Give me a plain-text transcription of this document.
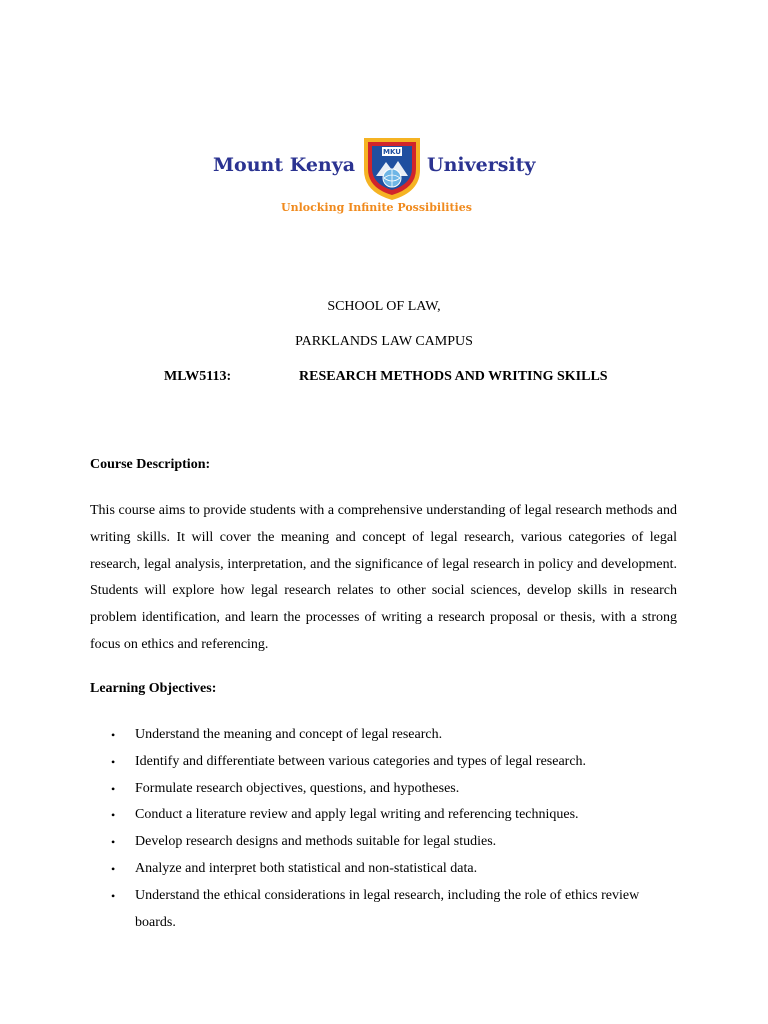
Mount Kenya
MKU
University
Unlocking Infinite Possibilities
SCHOOL OF LAW,
PARKLANDS LAW CAMPUS
MLW5113:	RESEARCH METHODS AND WRITING SKILLS
Course Description:

This course aims to provide students with a comprehensive understanding of legal research methods and writing skills. It will cover the meaning and concept of legal research, various categories of legal research, legal analysis, interpretation, and the significance of legal research in policy and development. Students will explore how legal research relates to other social sciences, develop skills in research problem identification, and learn the processes of writing a research proposal or thesis, with a strong focus on ethics and referencing.

Learning Objectives:
• Understand the meaning and concept of legal research.
• Identify and differentiate between various categories and types of legal research.
• Formulate research objectives, questions, and hypotheses.
• Conduct a literature review and apply legal writing and referencing techniques.
• Develop research designs and methods suitable for legal studies.
• Analyze and interpret both statistical and non-statistical data.
• Understand the ethical considerations in legal research, including the role of ethics review boards.
